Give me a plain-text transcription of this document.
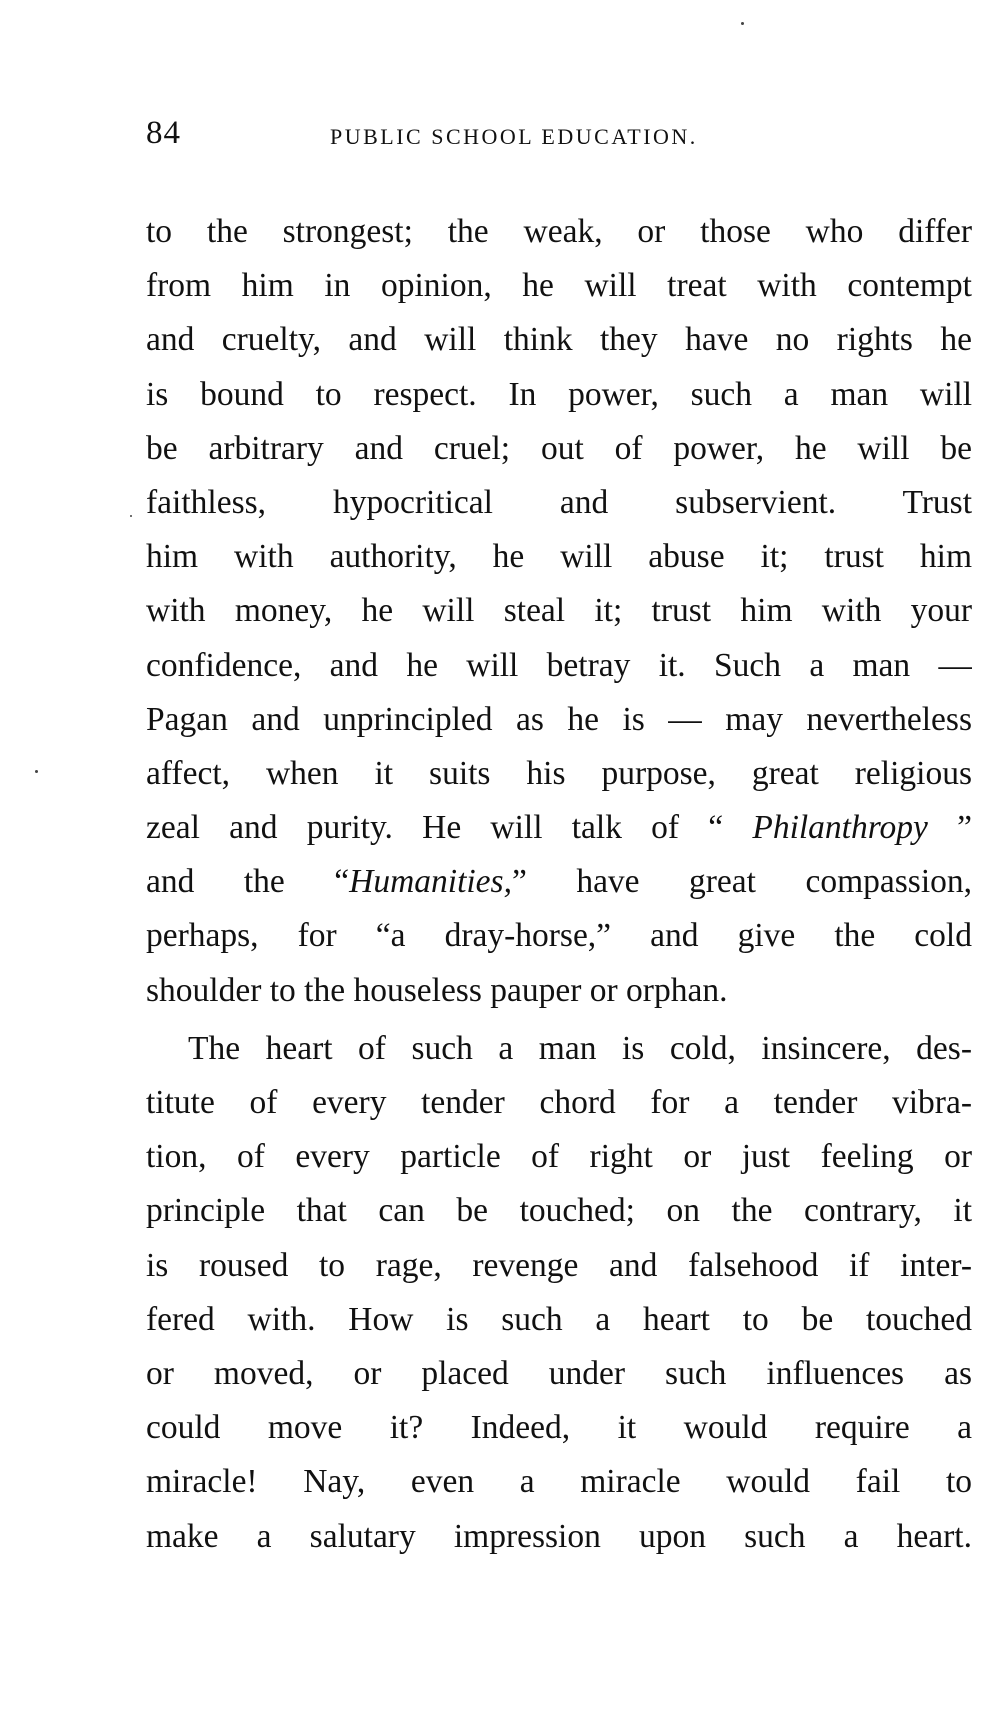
84	PUBLIC SCHOOL EDUCATION.
to the strongest; the weak, or those who differ
from him in opinion, he will treat with contempt
and cruelty, and will think they have no rights he
is bound to respect. In power, such a man will
be arbitrary and cruel; out of power, he will be
faithless, hypocritical and subservient. Trust
him with authority, he will abuse it; trust him
with money, he will steal it; trust him with your
confidence, and he will betray it. Such a man —
Pagan and unprincipled as he is — may nevertheless
affect, when it suits his purpose, great religious
zeal and purity. He will talk of “ Philanthropy ”
and the “Humanities,” have great compassion,
perhaps, for “a dray-horse,” and give the cold
shoulder to the houseless pauper or orphan.
The heart of such a man is cold, insincere, des-
titute of every tender chord for a tender vibra-
tion, of every particle of right or just feeling or
principle that can be touched; on the contrary, it
is roused to rage, revenge and falsehood if inter-
fered with. How is such a heart to be touched
or moved, or placed under such influences as
could move it? Indeed, it would require a
miracle! Nay, even a miracle would fail to
make a salutary impression upon such a heart.
